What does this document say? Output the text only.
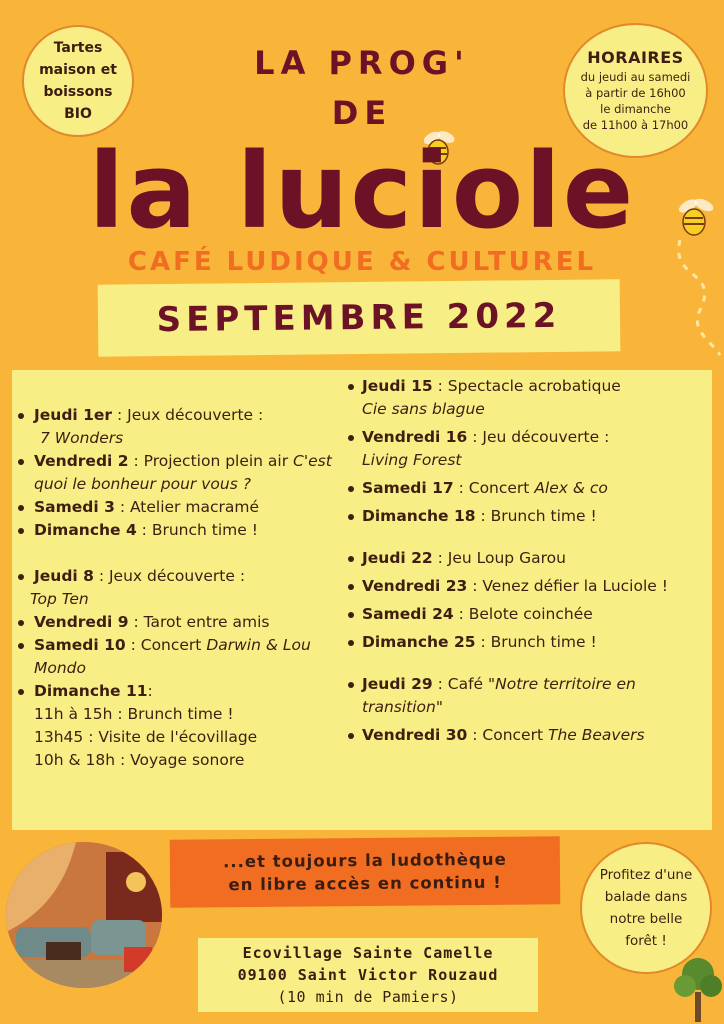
Tartes
maison et
boissons
BIO
HORAIRES
du jeudi au samedi
à partir de 16h00
le dimanche
de 11h00 à 17h00
LA PROG'
DE
la luciole
CAFÉ LUDIQUE & CULTUREL
SEPTEMBRE 2022
Jeudi 1er : Jeux découverte :
7 Wonders
Vendredi 2 : Projection plein air C'est quoi le bonheur pour vous ?
Samedi 3 : Atelier macramé
Dimanche 4 : Brunch time !
Jeudi 8 : Jeux découverte :
Top Ten
Vendredi 9 : Tarot entre amis
Samedi 10 : Concert Darwin & Lou Mondo
Dimanche 11:
11h à 15h : Brunch time !
13h45 : Visite de l'écovillage
10h & 18h : Voyage sonore
Jeudi 15 : Spectacle acrobatique
Cie sans blague
Vendredi 16 : Jeu découverte :
Living Forest
Samedi 17 : Concert Alex & co
Dimanche 18 : Brunch time !
Jeudi 22 : Jeu Loup Garou
Vendredi 23 : Venez défier la Luciole !
Samedi 24 : Belote coinchée
Dimanche 25 : Brunch time !
Jeudi 29 : Café "Notre territoire en transition"
Vendredi 30 : Concert The Beavers
...et toujours la ludothèque
en libre accès en continu !
Ecovillage Sainte Camelle
09100 Saint Victor Rouzaud
(10 min de Pamiers)
Profitez d'une
balade dans
notre belle
forêt !
